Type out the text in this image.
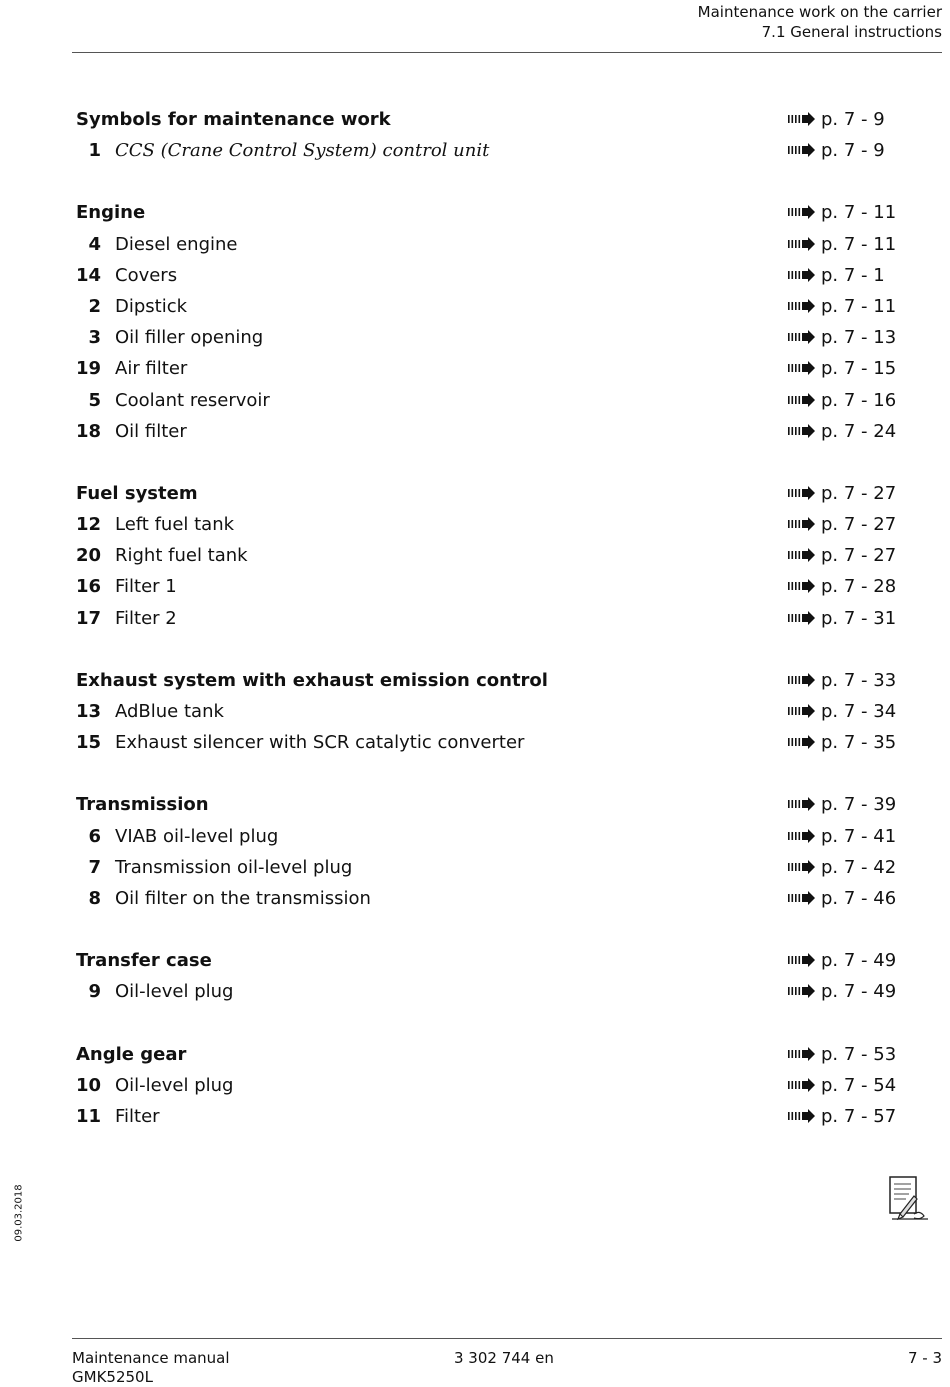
Maintenance work on the carrier
7.1 General instructions
Symbols for maintenance work	p. 7 - 9
1 CCS (Crane Control System) control unit	p. 7 - 9
Engine	p. 7 - 11
4 Diesel engine	p. 7 - 11
14 Covers	p. 7 - 1
2 Dipstick	p. 7 - 11
3 Oil filler opening	p. 7 - 13
19 Air filter	p. 7 - 15
5 Coolant reservoir	p. 7 - 16
18 Oil filter	p. 7 - 24
Fuel system	p. 7 - 27
12 Left fuel tank	p. 7 - 27
20 Right fuel tank	p. 7 - 27
16 Filter 1	p. 7 - 28
17 Filter 2	p. 7 - 31
Exhaust system with exhaust emission control	p. 7 - 33
13 AdBlue tank	p. 7 - 34
15 Exhaust silencer with SCR catalytic converter	p. 7 - 35
Transmission	p. 7 - 39
6 VIAB oil-level plug	p. 7 - 41
7 Transmission oil-level plug	p. 7 - 42
8 Oil filter on the transmission	p. 7 - 46
Transfer case	p. 7 - 49
9 Oil-level plug	p. 7 - 49
Angle gear	p. 7 - 53
10 Oil-level plug	p. 7 - 54
11 Filter	p. 7 - 57
09.03.2018
Maintenance manual
GMK5250L
3 302 744 en	7 - 3
